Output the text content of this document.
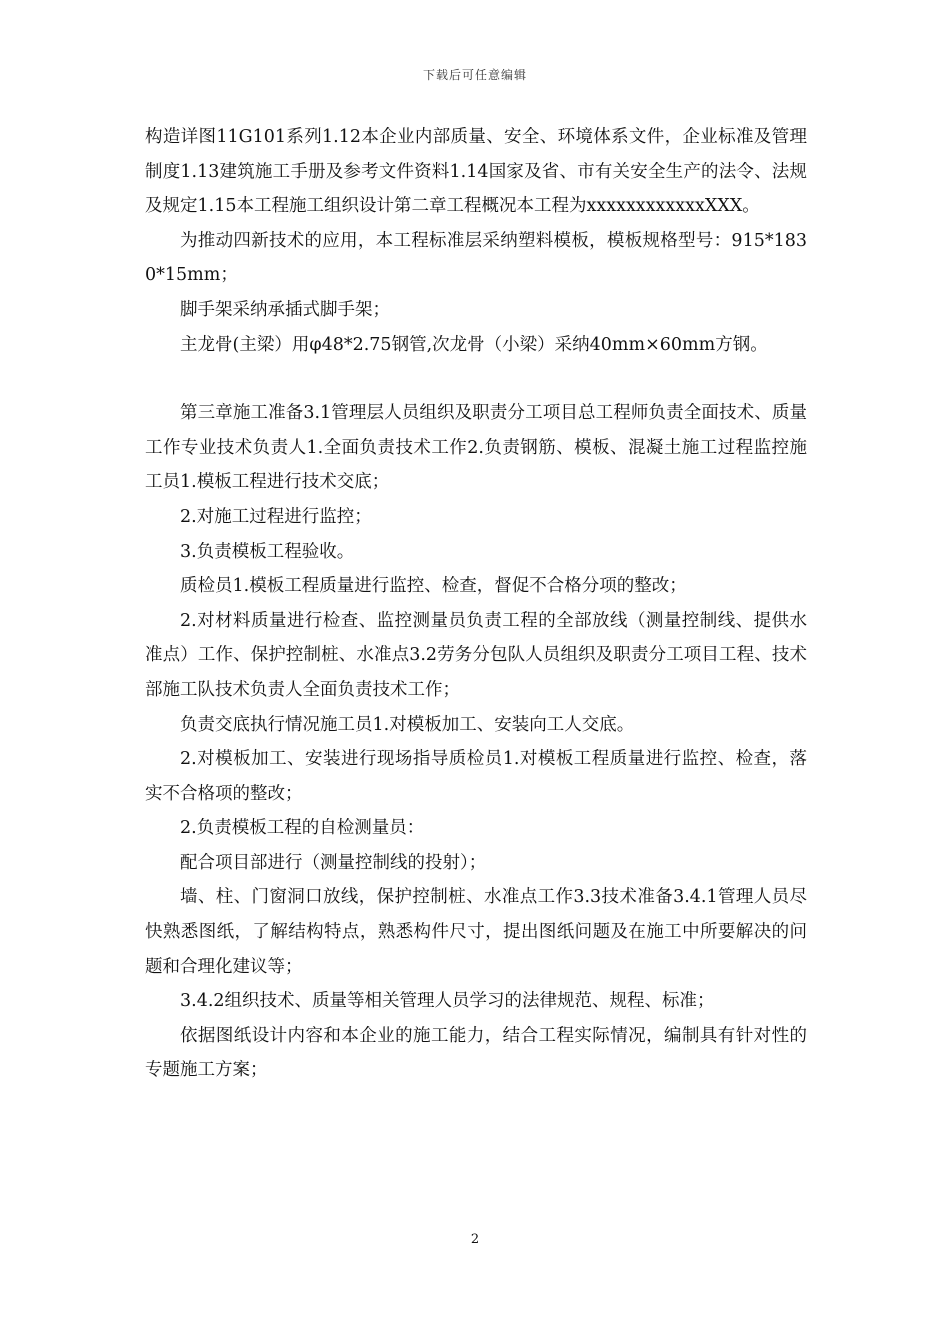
下载后可任意编辑

构造详图11G101系列1.12本企业内部质量、安全、环境体系文件，企业标准及管理制度1.13建筑施工手册及参考文件资料1.14国家及省、市有关安全生产的法令、法规及规定1.15本工程施工组织设计第二章工程概况本工程为xxxxxxxxxxxxXXX。

为推动四新技术的应用，本工程标准层采纳塑料模板，模板规格型号：915*1830*15mm；

脚手架采纳承插式脚手架；

主龙骨(主梁）用φ48*2.75钢管,次龙骨（小梁）采纳40mm×60mm方钢。

第三章施工准备3.1管理层人员组织及职责分工项目总工程师负责全面技术、质量工作专业技术负责人1.全面负责技术工作2.负责钢筋、模板、混凝土施工过程监控施工员1.模板工程进行技术交底；

2.对施工过程进行监控；

3.负责模板工程验收。

质检员1.模板工程质量进行监控、检查，督促不合格分项的整改；

2.对材料质量进行检查、监控测量员负责工程的全部放线（测量控制线、提供水准点）工作、保护控制桩、水准点3.2劳务分包队人员组织及职责分工项目工程、技术部施工队技术负责人全面负责技术工作；

负责交底执行情况施工员1.对模板加工、安装向工人交底。

2.对模板加工、安装进行现场指导质检员1.对模板工程质量进行监控、检查，落实不合格项的整改；

2.负责模板工程的自检测量员：

配合项目部进行（测量控制线的投射）；

墙、柱、门窗洞口放线，保护控制桩、水准点工作3.3技术准备3.4.1管理人员尽快熟悉图纸，了解结构特点，熟悉构件尺寸，提出图纸问题及在施工中所要解决的问题和合理化建议等；

3.4.2组织技术、质量等相关管理人员学习的法律规范、规程、标准；

依据图纸设计内容和本企业的施工能力，结合工程实际情况，编制具有针对性的专题施工方案；

2
